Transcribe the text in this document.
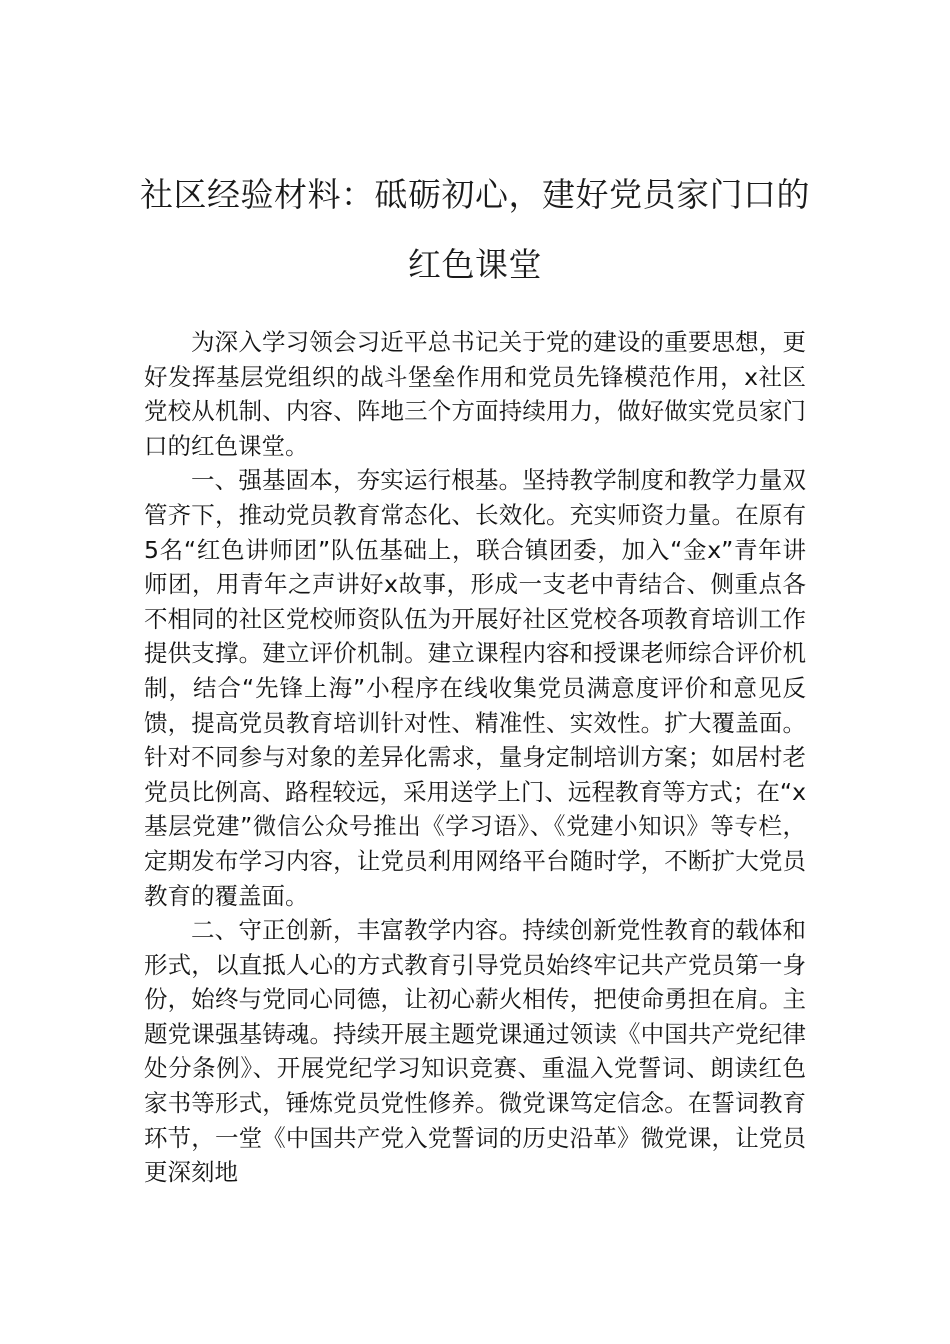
社区经验材料：砥砺初心，建好党员家门口的红色课堂

为深入学习领会习近平总书记关于党的建设的重要思想，更好发挥基层党组织的战斗堡垒作用和党员先锋模范作用，x社区党校从机制、内容、阵地三个方面持续用力，做好做实党员家门口的红色课堂。

一、强基固本，夯实运行根基。坚持教学制度和教学力量双管齐下，推动党员教育常态化、长效化。充实师资力量。在原有5名“红色讲师团”队伍基础上，联合镇团委，加入“金x”青年讲师团，用青年之声讲好x故事，形成一支老中青结合、侧重点各不相同的社区党校师资队伍为开展好社区党校各项教育培训工作提供支撑。建立评价机制。建立课程内容和授课老师综合评价机制，结合“先锋上海”小程序在线收集党员满意度评价和意见反馈，提高党员教育培训针对性、精准性、实效性。扩大覆盖面。针对不同参与对象的差异化需求，量身定制培训方案；如居村老党员比例高、路程较远，采用送学上门、远程教育等方式；在“x基层党建”微信公众号推出《学习语》、《党建小知识》等专栏，定期发布学习内容，让党员利用网络平台随时学，不断扩大党员教育的覆盖面。

二、守正创新，丰富教学内容。持续创新党性教育的载体和形式，以直抵人心的方式教育引导党员始终牢记共产党员第一身份，始终与党同心同德，让初心薪火相传，把使命勇担在肩。主题党课强基铸魂。持续开展主题党课通过领读《中国共产党纪律处分条例》、开展党纪学习知识竞赛、重温入党誓词、朗读红色家书等形式，锤炼党员党性修养。微党课笃定信念。在誓词教育环节，一堂《中国共产党入党誓词的历史沿革》微党课，让党员更深刻地
